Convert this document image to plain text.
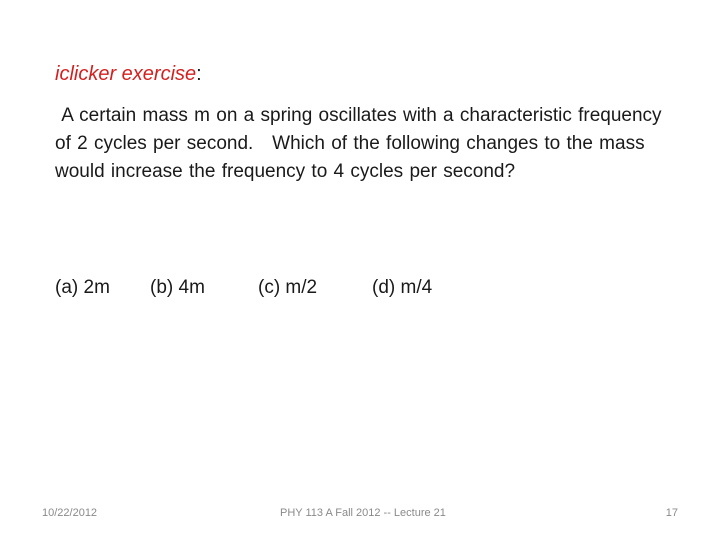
iclicker exercise:
A certain mass m on a spring oscillates with a characteristic frequency of 2 cycles per second.   Which of the following changes to the mass would increase the frequency to 4 cycles per second?
(a) 2m (b) 4m	(c) m/2	(d) m/4
10/22/2012	PHY 113 A Fall 2012 -- Lecture 21	17
